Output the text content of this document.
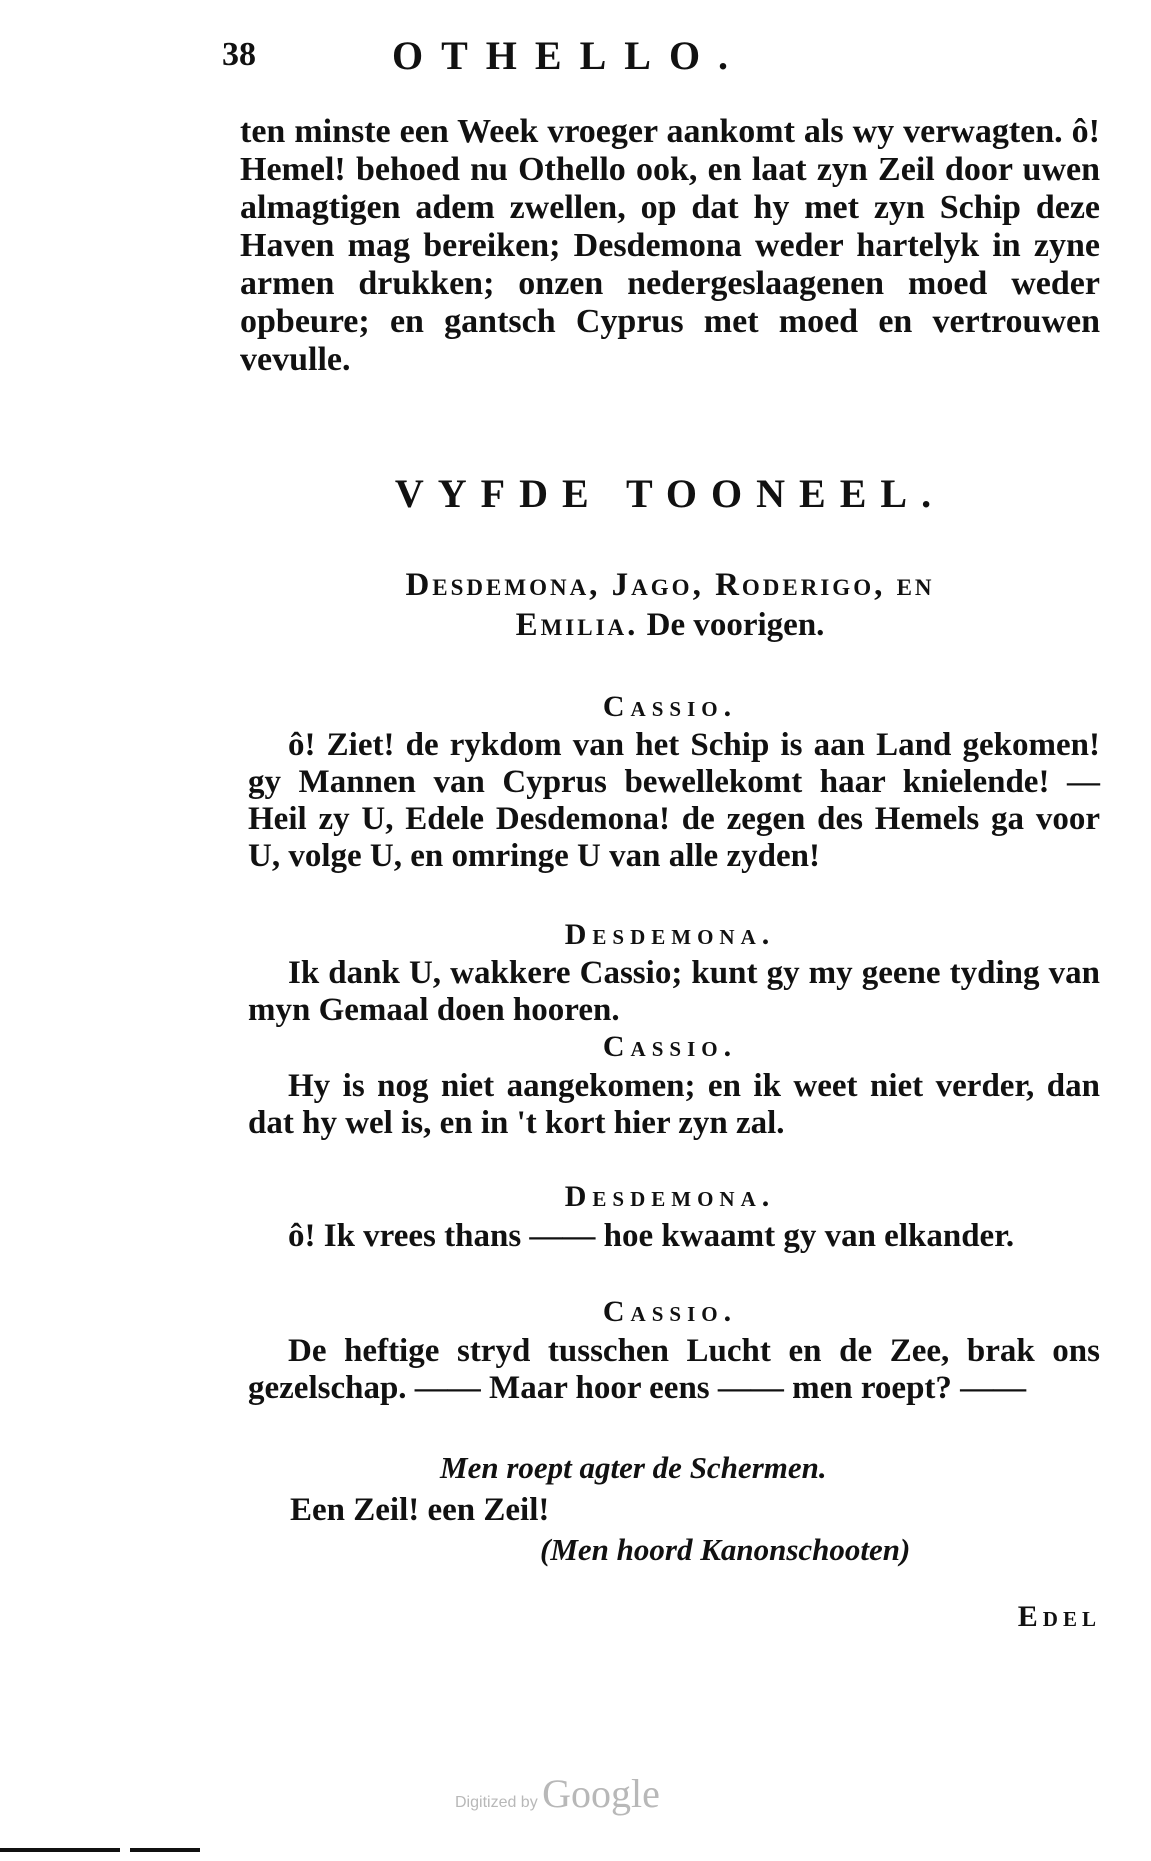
38	OTHELLO.
ten minste een Week vroeger aankomt als wy verwagten. ô! Hemel! behoed nu Othello ook, en laat zyn Zeil door uwen almagtigen adem zwellen, op dat hy met zyn Schip deze Haven mag bereiken; Desdemona weder hartelyk in zyne armen drukken; onzen nedergeslaagenen moed weder opbeure; en gantsch Cyprus met moed en vertrouwen vevulle.
VYFDE TOONEEL.
Desdemona, Jago, Roderigo, en
Emilia. De voorigen.
Cassio.
ô! Ziet! de rykdom van het Schip is aan Land gekomen! gy Mannen van Cyprus bewellekomt haar knielende! — Heil zy U, Edele Desdemona! de zegen des Hemels ga voor U, volge U, en omringe U van alle zyden!
Desdemona.
Ik dank U, wakkere Cassio; kunt gy my geene tyding van myn Gemaal doen hooren.
Cassio.
Hy is nog niet aangekomen; en ik weet niet verder, dan dat hy wel is, en in 't kort hier zyn zal.
Desdemona.
ô! Ik vrees thans —— hoe kwaamt gy van elkander.
Cassio.
De heftige stryd tusschen Lucht en de Zee, brak ons gezelschap. —— Maar hoor eens —— men roept? ——
Men roept agter de Schermen.
Een Zeil! een Zeil!
(Men hoord Kanonschooten)
Edel
Digitized by Google
